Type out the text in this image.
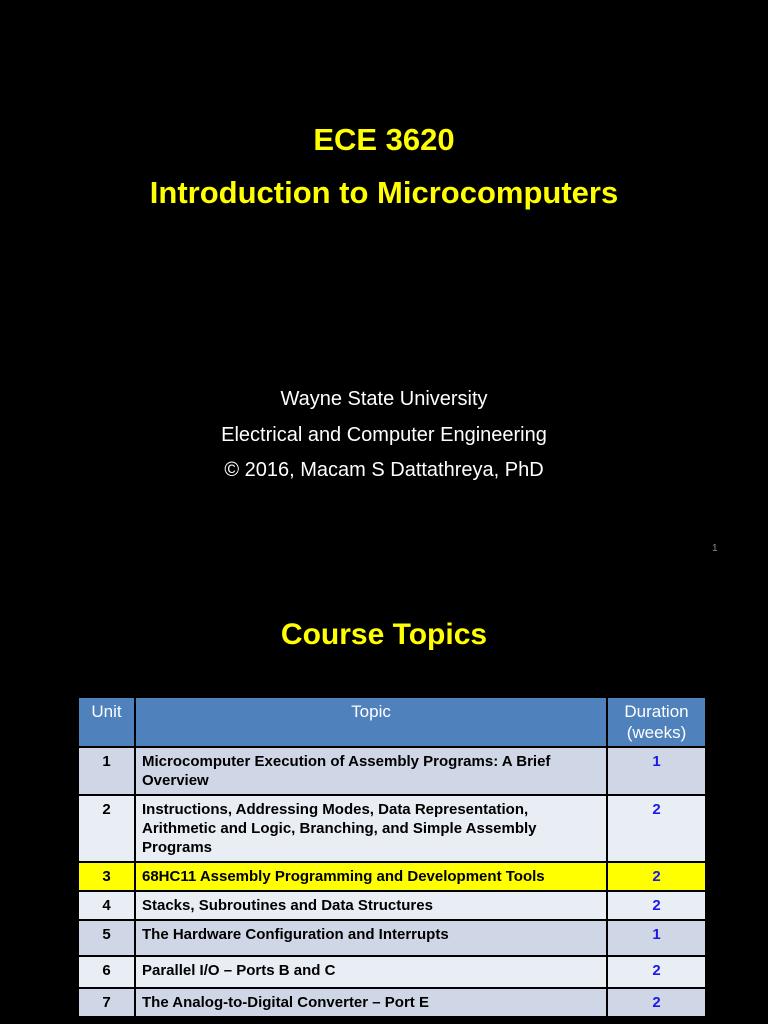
ECE 3620
Introduction to Microcomputers
Wayne State University
Electrical and Computer Engineering
© 2016, Macam S Dattathreya, PhD
1
Course Topics
Unit	Topic	Duration (weeks)
1	Microcomputer Execution of Assembly Programs: A Brief Overview	1
2	Instructions, Addressing Modes, Data Representation, Arithmetic and Logic, Branching, and Simple Assembly Programs	2
3	68HC11 Assembly Programming and Development Tools	2
4	Stacks, Subroutines and Data Structures	2
5	The Hardware Configuration and Interrupts	1
6	Parallel I/O – Ports B and C	2
7	The Analog-to-Digital Converter – Port E	2
